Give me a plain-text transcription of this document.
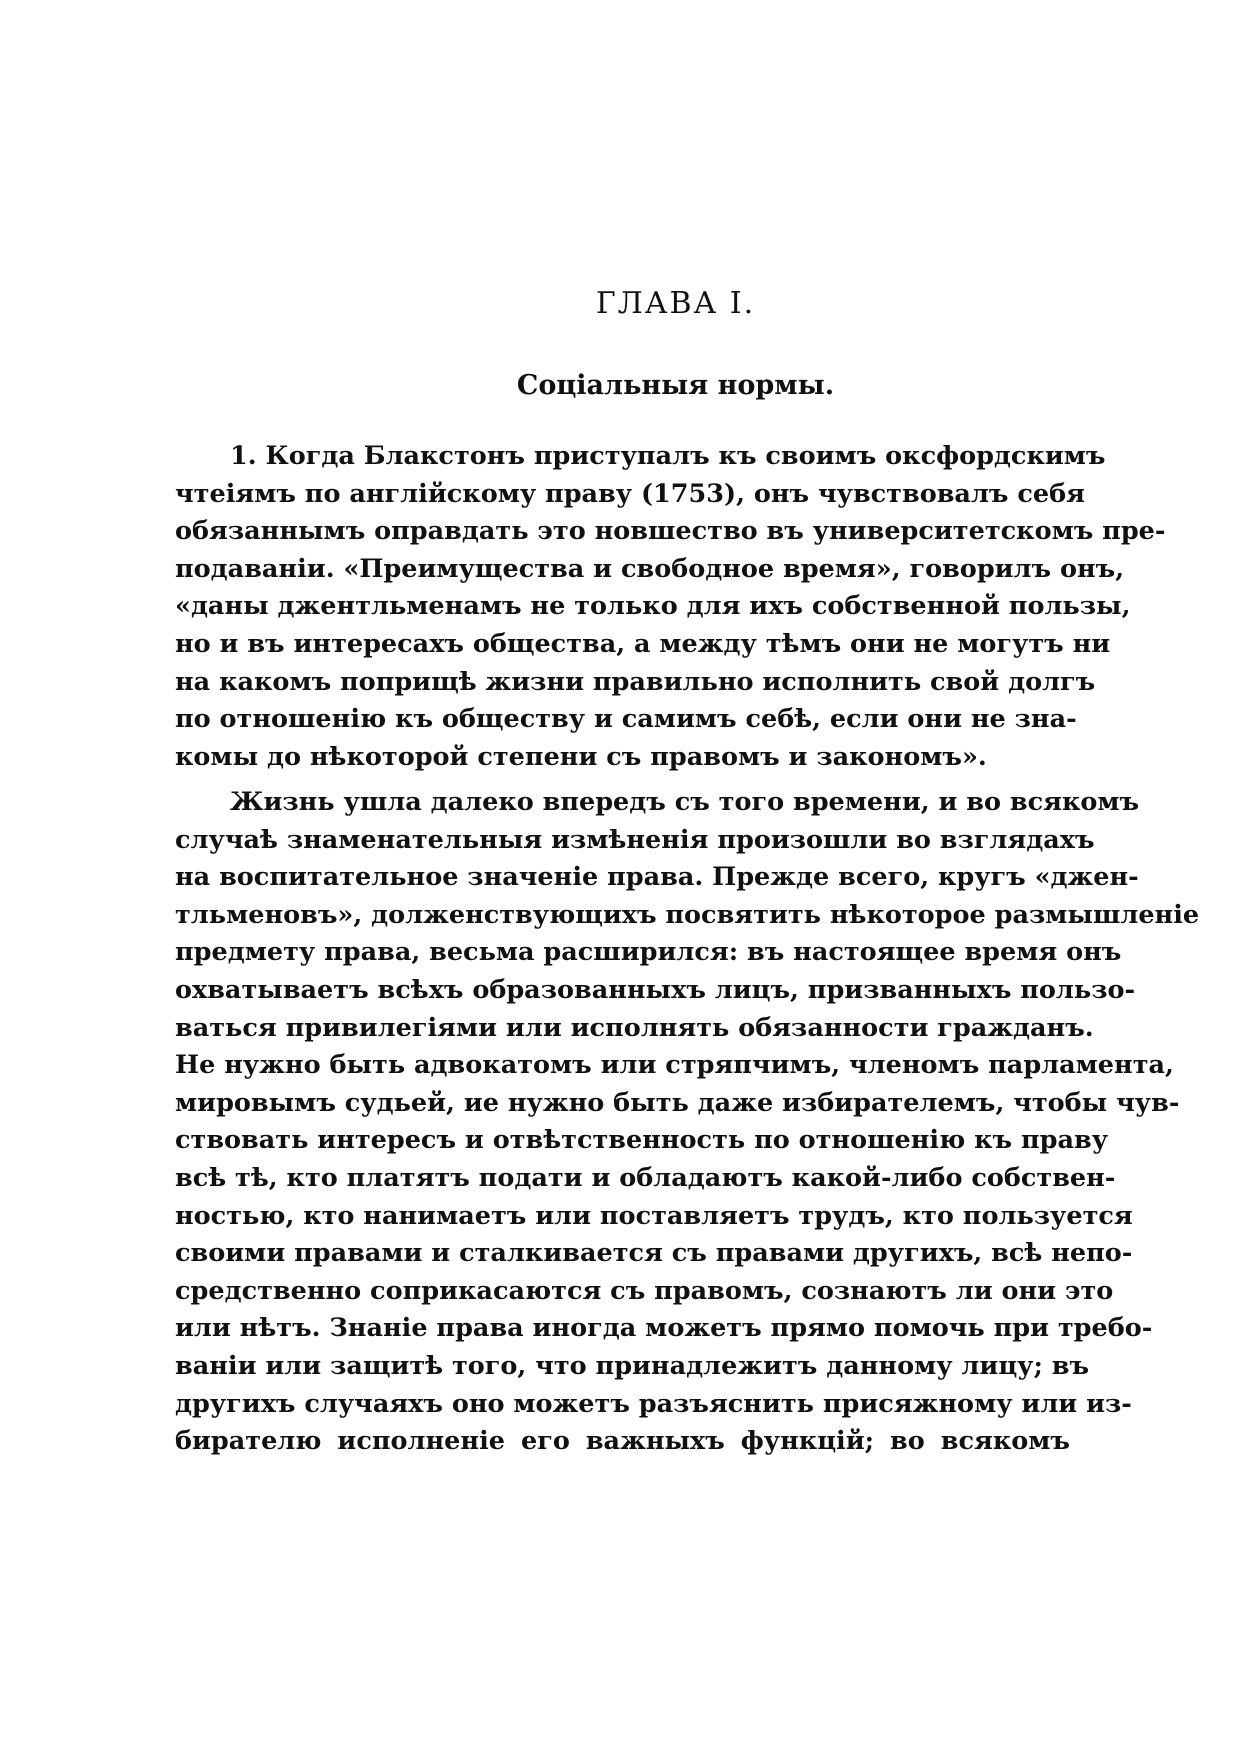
ГЛАВА I.
Соціальныя нормы.
1. Когда Блакстонъ приступалъ къ своимъ оксфордскимъ
чтеіямъ по англійскому праву (1753), онъ чувствовалъ себя
обязаннымъ оправдать это новшество въ университетскомъ пре-
подаваніи. «Преимущества и свободное время», говорилъ онъ,
«даны джентльменамъ не только для ихъ собственной пользы,
но и въ интересахъ общества, а между тѣмъ они не могутъ ни
на какомъ поприщѣ жизни правильно исполнить свой долгъ
по отношенію къ обществу и самимъ себѣ, если они не зна-
комы до нѣкоторой степени съ правомъ и закономъ».
Жизнь ушла далеко впередъ съ того времени, и во всякомъ
случаѣ знаменательныя измѣненія произошли во взглядахъ
на воспитательное значеніе права. Прежде всего, кругъ «джен-
тльменовъ», долженствующихъ посвятить нѣкоторое размышленіе
предмету права, весьма расширился: въ настоящее время онъ
охватываетъ всѣхъ образованныхъ лицъ, призванныхъ пользо-
ваться привилегіями или исполнять обязанности гражданъ.
Не нужно быть адвокатомъ или стряпчимъ, членомъ парламента,
мировымъ судьей, ие нужно быть даже избирателемъ, чтобы чув-
ствовать интересъ и отвѣтственность по отношенію къ праву
всѣ тѣ, кто платятъ подати и обладаютъ какой-либо собствен-
ностью, кто нанимаетъ или поставляетъ трудъ, кто пользуется
своими правами и сталкивается съ правами другихъ, всѣ непо-
средственно соприкасаются съ правомъ, сознаютъ ли они это
или нѣтъ. Знаніе права иногда можетъ прямо помочь при требо-
ваніи или защитѣ того, что принадлежитъ данному лицу; въ
другихъ случаяхъ оно можетъ разъяснить присяжному или из-
бирателю исполненіе его важныхъ функцій; во всякомъ
